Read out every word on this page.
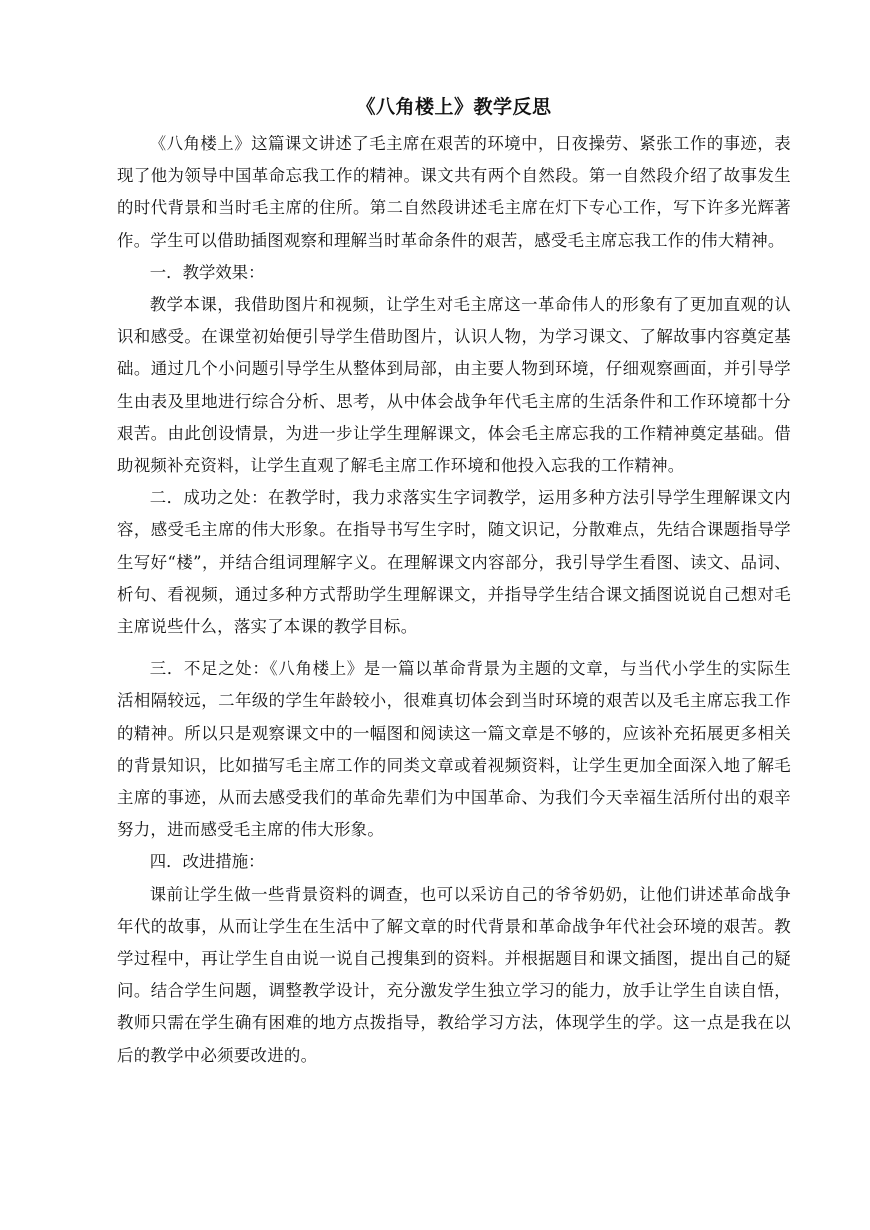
《八角楼上》教学反思

《八角楼上》这篇课文讲述了毛主席在艰苦的环境中，日夜操劳、紧张工作的事迹，表现了他为领导中国革命忘我工作的精神。课文共有两个自然段。第一自然段介绍了故事发生的时代背景和当时毛主席的住所。第二自然段讲述毛主席在灯下专心工作，写下许多光辉著作。学生可以借助插图观察和理解当时革命条件的艰苦，感受毛主席忘我工作的伟大精神。

一．教学效果：

教学本课，我借助图片和视频，让学生对毛主席这一革命伟人的形象有了更加直观的认识和感受。在课堂初始便引导学生借助图片，认识人物，为学习课文、了解故事内容奠定基础。通过几个小问题引导学生从整体到局部，由主要人物到环境，仔细观察画面，并引导学生由表及里地进行综合分析、思考，从中体会战争年代毛主席的生活条件和工作环境都十分艰苦。由此创设情景，为进一步让学生理解课文，体会毛主席忘我的工作精神奠定基础。借助视频补充资料，让学生直观了解毛主席工作环境和他投入忘我的工作精神。

二．成功之处：在教学时，我力求落实生字词教学，运用多种方法引导学生理解课文内容，感受毛主席的伟大形象。在指导书写生字时，随文识记，分散难点，先结合课题指导学生写好“楼”，并结合组词理解字义。在理解课文内容部分，我引导学生看图、读文、品词、析句、看视频，通过多种方式帮助学生理解课文，并指导学生结合课文插图说说自己想对毛主席说些什么，落实了本课的教学目标。

三．不足之处：《八角楼上》是一篇以革命背景为主题的文章，与当代小学生的实际生活相隔较远，二年级的学生年龄较小，很难真切体会到当时环境的艰苦以及毛主席忘我工作的精神。所以只是观察课文中的一幅图和阅读这一篇文章是不够的，应该补充拓展更多相关的背景知识，比如描写毛主席工作的同类文章或着视频资料，让学生更加全面深入地了解毛主席的事迹，从而去感受我们的革命先辈们为中国革命、为我们今天幸福生活所付出的艰辛努力，进而感受毛主席的伟大形象。

四．改进措施：

课前让学生做一些背景资料的调查，也可以采访自己的爷爷奶奶，让他们讲述革命战争年代的故事，从而让学生在生活中了解文章的时代背景和革命战争年代社会环境的艰苦。教学过程中，再让学生自由说一说自己搜集到的资料。并根据题目和课文插图，提出自己的疑问。结合学生问题，调整教学设计，充分激发学生独立学习的能力，放手让学生自读自悟，教师只需在学生确有困难的地方点拨指导，教给学习方法，体现学生的学。这一点是我在以后的教学中必须要改进的。
